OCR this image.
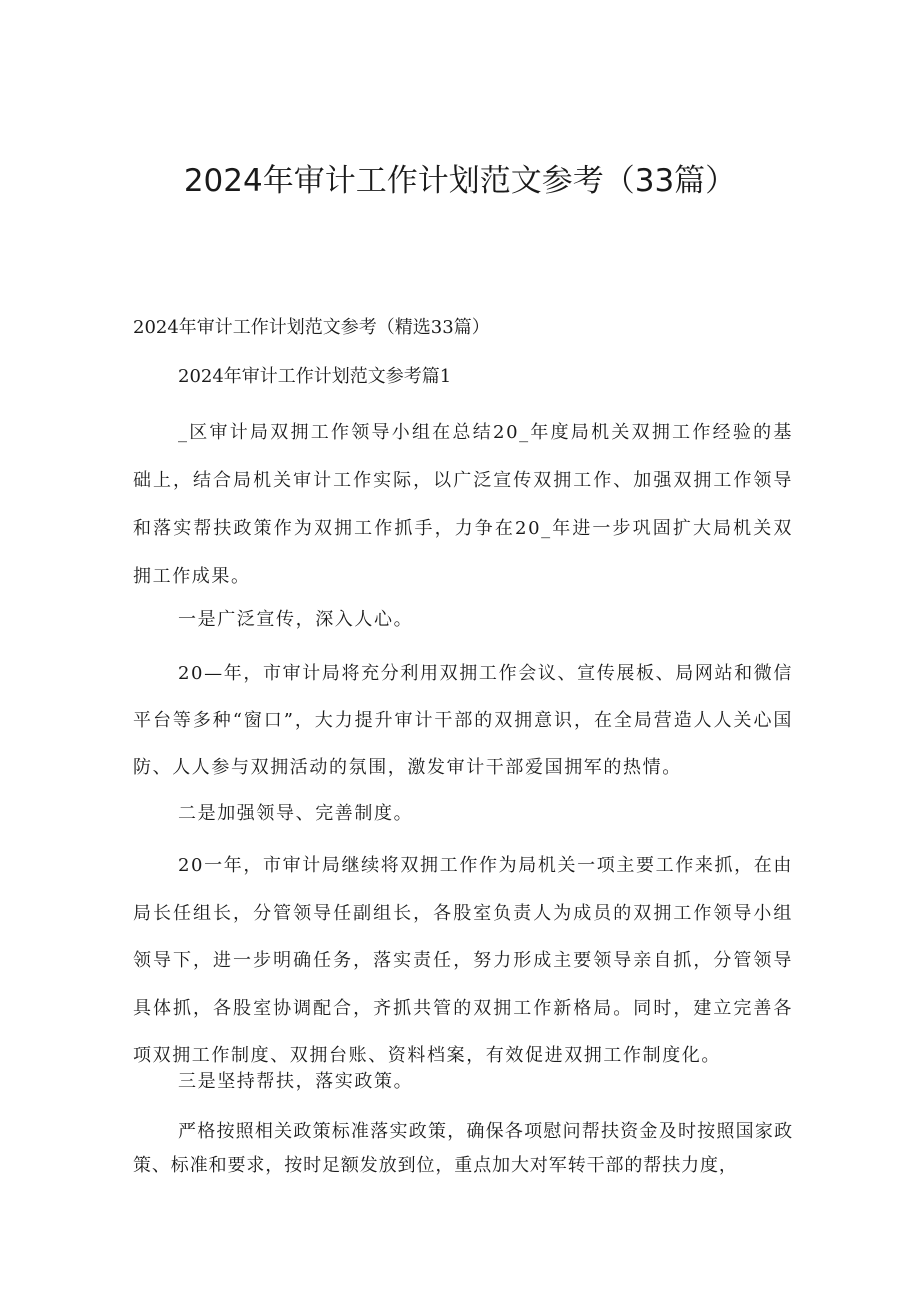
2024年审计工作计划范文参考（33篇）

2024年审计工作计划范文参考（精选33篇）

2024年审计工作计划范文参考篇1

_区审计局双拥工作领导小组在总结20_年度局机关双拥工作经验的基础上，结合局机关审计工作实际，以广泛宣传双拥工作、加强双拥工作领导和落实帮扶政策作为双拥工作抓手，力争在20_年进一步巩固扩大局机关双拥工作成果。

一是广泛宣传，深入人心。

20—年，市审计局将充分利用双拥工作会议、宣传展板、局网站和微信平台等多种“窗口”，大力提升审计干部的双拥意识，在全局营造人人关心国防、人人参与双拥活动的氛围，激发审计干部爱国拥军的热情。

二是加强领导、完善制度。

20一年，市审计局继续将双拥工作作为局机关一项主要工作来抓，在由局长任组长，分管领导任副组长，各股室负责人为成员的双拥工作领导小组领导下，进一步明确任务，落实责任，努力形成主要领导亲自抓，分管领导具体抓，各股室协调配合，齐抓共管的双拥工作新格局。同时，建立完善各项双拥工作制度、双拥台账、资料档案，有效促进双拥工作制度化。

三是坚持帮扶，落实政策。

严格按照相关政策标准落实政策，确保各项慰问帮扶资金及时按照国家政策、标准和要求，按时足额发放到位，重点加大对军转干部的帮扶力度，
